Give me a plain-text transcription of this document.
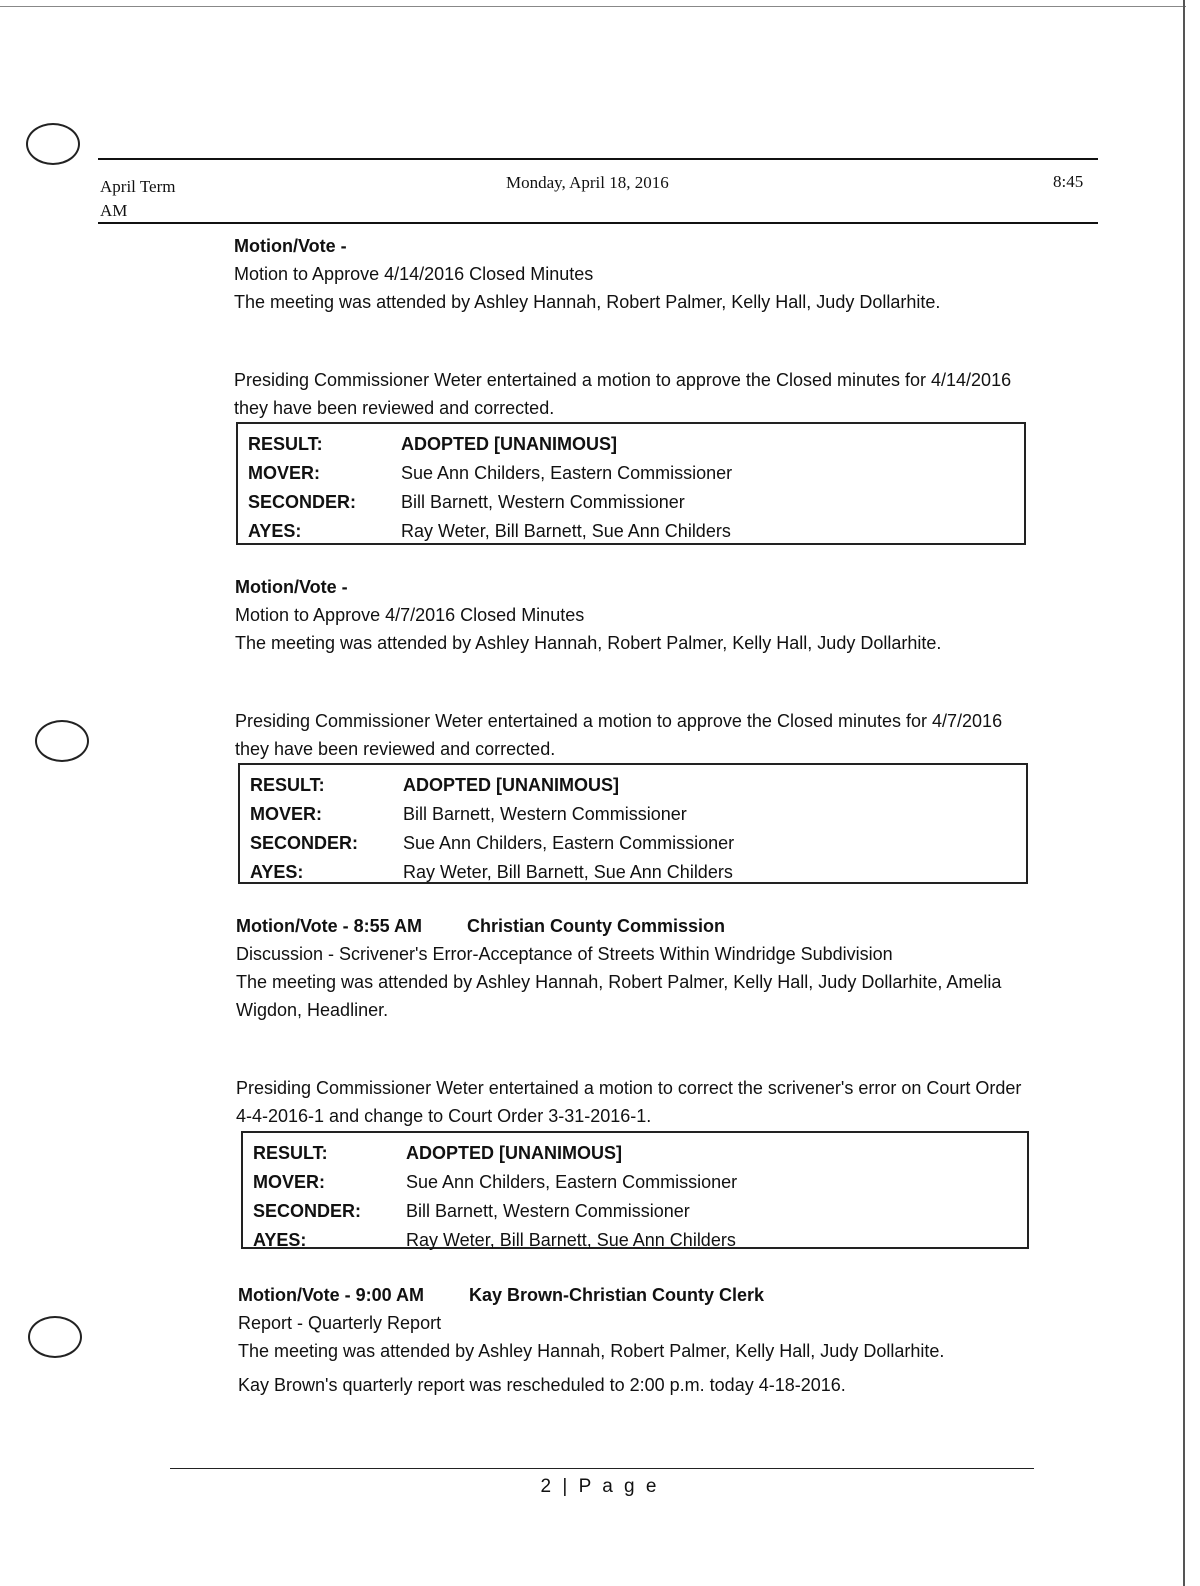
April Term
AM
Monday, April 18, 2016	8:45
Motion/Vote -

Motion to Approve 4/14/2016 Closed Minutes

The meeting was attended by Ashley Hannah, Robert Palmer, Kelly Hall, Judy Dollarhite.

Presiding Commissioner Weter entertained a motion to approve the Closed minutes for 4/14/2016 they have been reviewed and corrected.

RESULT:	ADOPTED [UNANIMOUS]
MOVER:	Sue Ann Childers, Eastern Commissioner
SECONDER:	Bill Barnett, Western Commissioner
AYES:	Ray Weter, Bill Barnett, Sue Ann Childers
Motion/Vote -

Motion to Approve 4/7/2016 Closed Minutes

The meeting was attended by Ashley Hannah, Robert Palmer, Kelly Hall, Judy Dollarhite.

Presiding Commissioner Weter entertained a motion to approve the Closed minutes for 4/7/2016 they have been reviewed and corrected.

RESULT:	ADOPTED [UNANIMOUS]
MOVER:	Bill Barnett, Western Commissioner
SECONDER:	Sue Ann Childers, Eastern Commissioner
AYES:	Ray Weter, Bill Barnett, Sue Ann Childers
Motion/Vote - 8:55 AM	Christian County Commission

Discussion - Scrivener's Error-Acceptance of Streets Within Windridge Subdivision

The meeting was attended by Ashley Hannah, Robert Palmer, Kelly Hall, Judy Dollarhite, Amelia Wigdon, Headliner.

Presiding Commissioner Weter entertained a motion to correct the scrivener's error on Court Order 4-4-2016-1 and change to Court Order 3-31-2016-1.

RESULT:	ADOPTED [UNANIMOUS]
MOVER:	Sue Ann Childers, Eastern Commissioner
SECONDER:	Bill Barnett, Western Commissioner
AYES:	Ray Weter, Bill Barnett, Sue Ann Childers
Motion/Vote - 9:00 AM	Kay Brown-Christian County Clerk

Report - Quarterly Report

The meeting was attended by Ashley Hannah, Robert Palmer, Kelly Hall, Judy Dollarhite.

Kay Brown's quarterly report was rescheduled to 2:00 p.m. today 4-18-2016.

2 | P a g e
